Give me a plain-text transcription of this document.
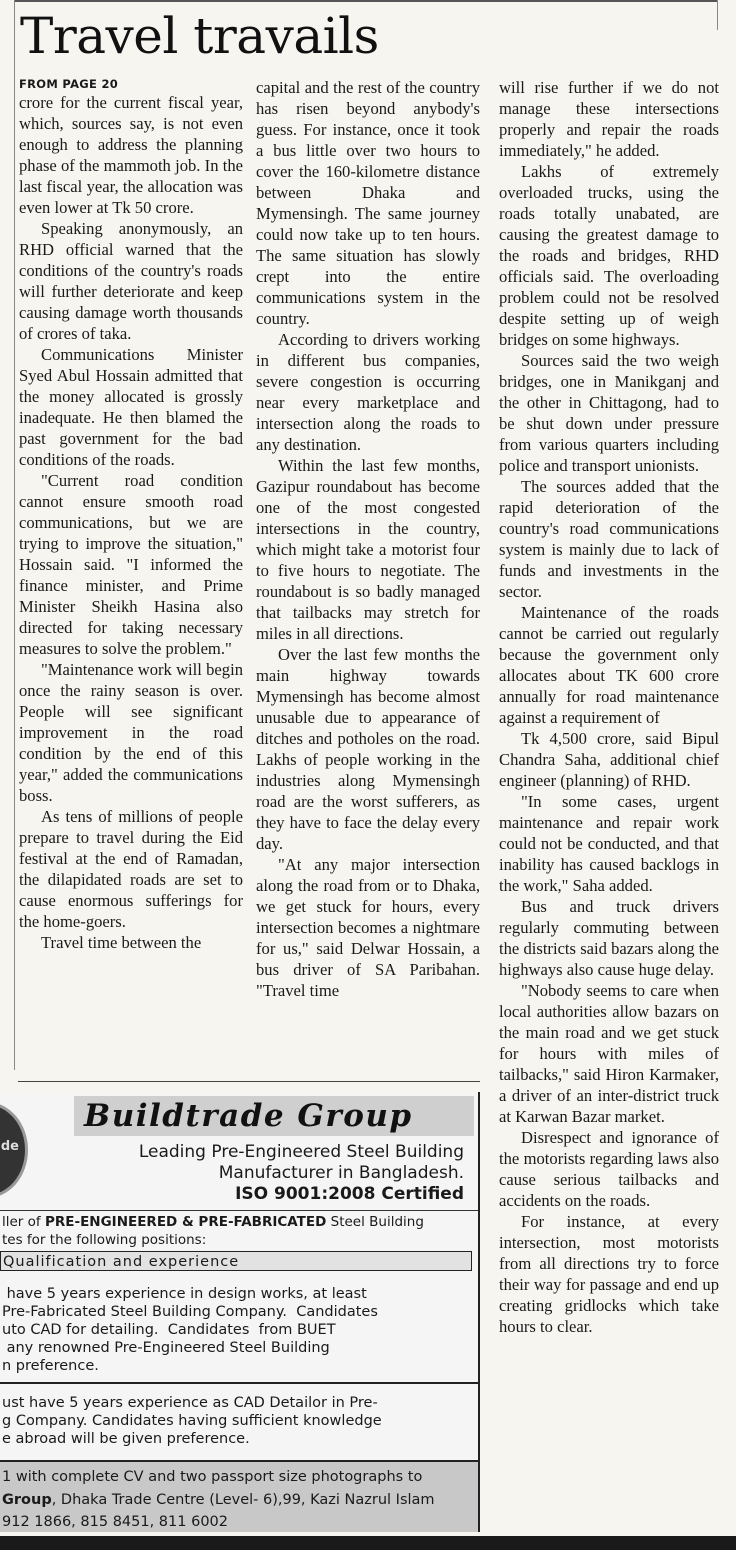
Travel travails
FROM PAGE 20

crore for the current fiscal year, which, sources say, is not even enough to address the planning phase of the mammoth job. In the last fiscal year, the allocation was even lower at Tk 50 crore.

Speaking anonymously, an RHD official warned that the conditions of the country's roads will further deteriorate and keep causing damage worth thousands of crores of taka.

Communications Minister Syed Abul Hossain admitted that the money allocated is grossly inadequate. He then blamed the past government for the bad conditions of the roads.

"Current road condition cannot ensure smooth road communications, but we are trying to improve the situation," Hossain said. "I informed the finance minister, and Prime Minister Sheikh Hasina also directed for taking necessary measures to solve the problem."

"Maintenance work will begin once the rainy season is over. People will see significant improvement in the road condition by the end of this year," added the communications boss.

As tens of millions of people prepare to travel during the Eid festival at the end of Ramadan, the dilapidated roads are set to cause enormous sufferings for the home-goers.

Travel time between the

capital and the rest of the country has risen beyond anybody's guess. For instance, once it took a bus little over two hours to cover the 160-kilometre distance between Dhaka and Mymensingh. The same journey could now take up to ten hours. The same situation has slowly crept into the entire communications system in the country.

According to drivers working in different bus companies, severe congestion is occurring near every marketplace and intersection along the roads to any destination.

Within the last few months, Gazipur roundabout has become one of the most congested intersections in the country, which might take a motorist four to five hours to negotiate. The roundabout is so badly managed that tailbacks may stretch for miles in all directions.

Over the last few months the main highway towards Mymensingh has become almost unusable due to appearance of ditches and potholes on the road. Lakhs of people working in the industries along Mymensingh road are the worst sufferers, as they have to face the delay every day.

"At any major intersection along the road from or to Dhaka, we get stuck for hours, every intersection becomes a nightmare for us," said Delwar Hossain, a bus driver of SA Paribahan. "Travel time

will rise further if we do not manage these intersections properly and repair the roads immediately," he added.

Lakhs of extremely overloaded trucks, using the roads totally unabated, are causing the greatest damage to the roads and bridges, RHD officials said. The overloading problem could not be resolved despite setting up of weigh bridges on some highways.

Sources said the two weigh bridges, one in Manikganj and the other in Chittagong, had to be shut down under pressure from various quarters including police and transport unionists.

The sources added that the rapid deterioration of the country's road communications system is mainly due to lack of funds and investments in the sector.

Maintenance of the roads cannot be carried out regularly because the government only allocates about TK 600 crore annually for road maintenance against a requirement of

Tk 4,500 crore, said Bipul Chandra Saha, additional chief engineer (planning) of RHD.

"In some cases, urgent maintenance and repair work could not be conducted, and that inability has caused backlogs in the work," Saha added.

Bus and truck drivers regularly commuting between the districts said bazars along the highways also cause huge delay.

"Nobody seems to care when local authorities allow bazars on the main road and we get stuck for hours with miles of tailbacks," said Hiron Karmaker, a driver of an inter-district truck at Karwan Bazar market.

Disrespect and ignorance of the motorists regarding laws also cause serious tailbacks and accidents on the roads.

For instance, at every intersection, most motorists from all directions try to force their way for passage and end up creating gridlocks which take hours to clear.

de
Buildtrade Group
Leading Pre-Engineered Steel Building
Manufacturer in Bangladesh.
ISO 9001:2008 Certified
ller of PRE-ENGINEERED & PRE-FABRICATED Steel Building
tes for the following positions:
Qualification and experience
have 5 years experience in design works, at least
Pre-Fabricated Steel Building Company.  Candidates
uto CAD for detailing.  Candidates  from BUET
any renowned Pre-Engineered Steel Building
n preference.
ust have 5 years experience as CAD Detailor in Pre-
g Company. Candidates having sufficient knowledge
e abroad will be given preference.
1 with complete CV and two passport size photographs to
Group, Dhaka Trade Centre (Level- 6),99, Kazi Nazrul Islam
912 1866, 815 8451, 811 6002
